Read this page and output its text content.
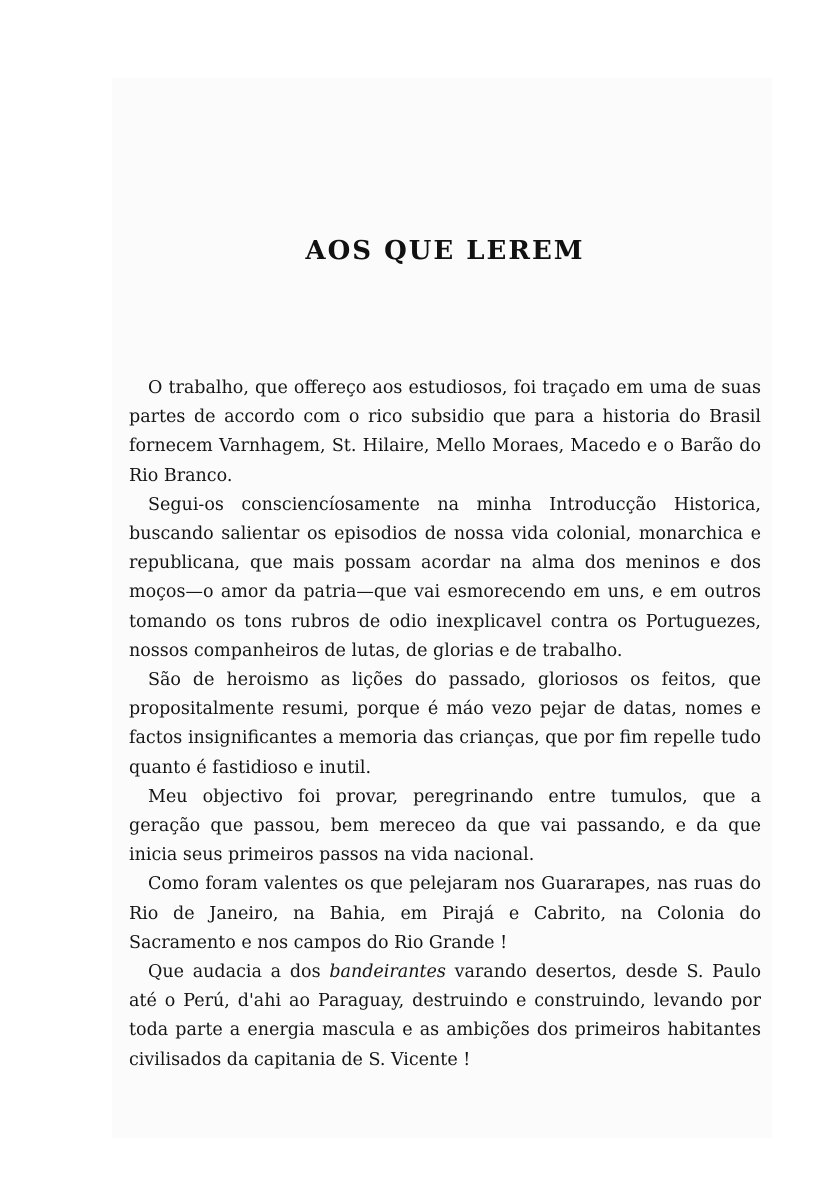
AOS QUE LEREM

O trabalho, que offereço aos estudiosos, foi traçado em uma de suas partes de accordo com o rico subsidio que para a historia do Brasil fornecem Varnhagem, St. Hilaire, Mello Moraes, Macedo e o Barão do Rio Branco.

Segui-os consciencíosamente na minha Introducção Historica, buscando salientar os episodios de nossa vida colonial, monarchica e republicana, que mais possam acordar na alma dos meninos e dos moços—o amor da patria—que vai esmorecendo em uns, e em outros tomando os tons rubros de odio inexplicavel contra os Portuguezes, nossos companheiros de lutas, de glorias e de trabalho.

São de heroismo as lições do passado, gloriosos os feitos, que propositalmente resumi, porque é máo vezo pejar de datas, nomes e factos insignificantes a memoria das crianças, que por fim repelle tudo quanto é fastidioso e inutil.

Meu objectivo foi provar, peregrinando entre tumulos, que a geração que passou, bem mereceo da que vai passando, e da que inicia seus primeiros passos na vida nacional.

Como foram valentes os que pelejaram nos Guararapes, nas ruas do Rio de Janeiro, na Bahia, em Pirajá e Cabrito, na Colonia do Sacramento e nos campos do Rio Grande !

Que audacia a dos bandeirantes varando desertos, desde S. Paulo até o Perú, d'ahi ao Paraguay, destruindo e construindo, levando por toda parte a energia mascula e as ambições dos primeiros habitantes civilisados da capitania de S. Vicente !
